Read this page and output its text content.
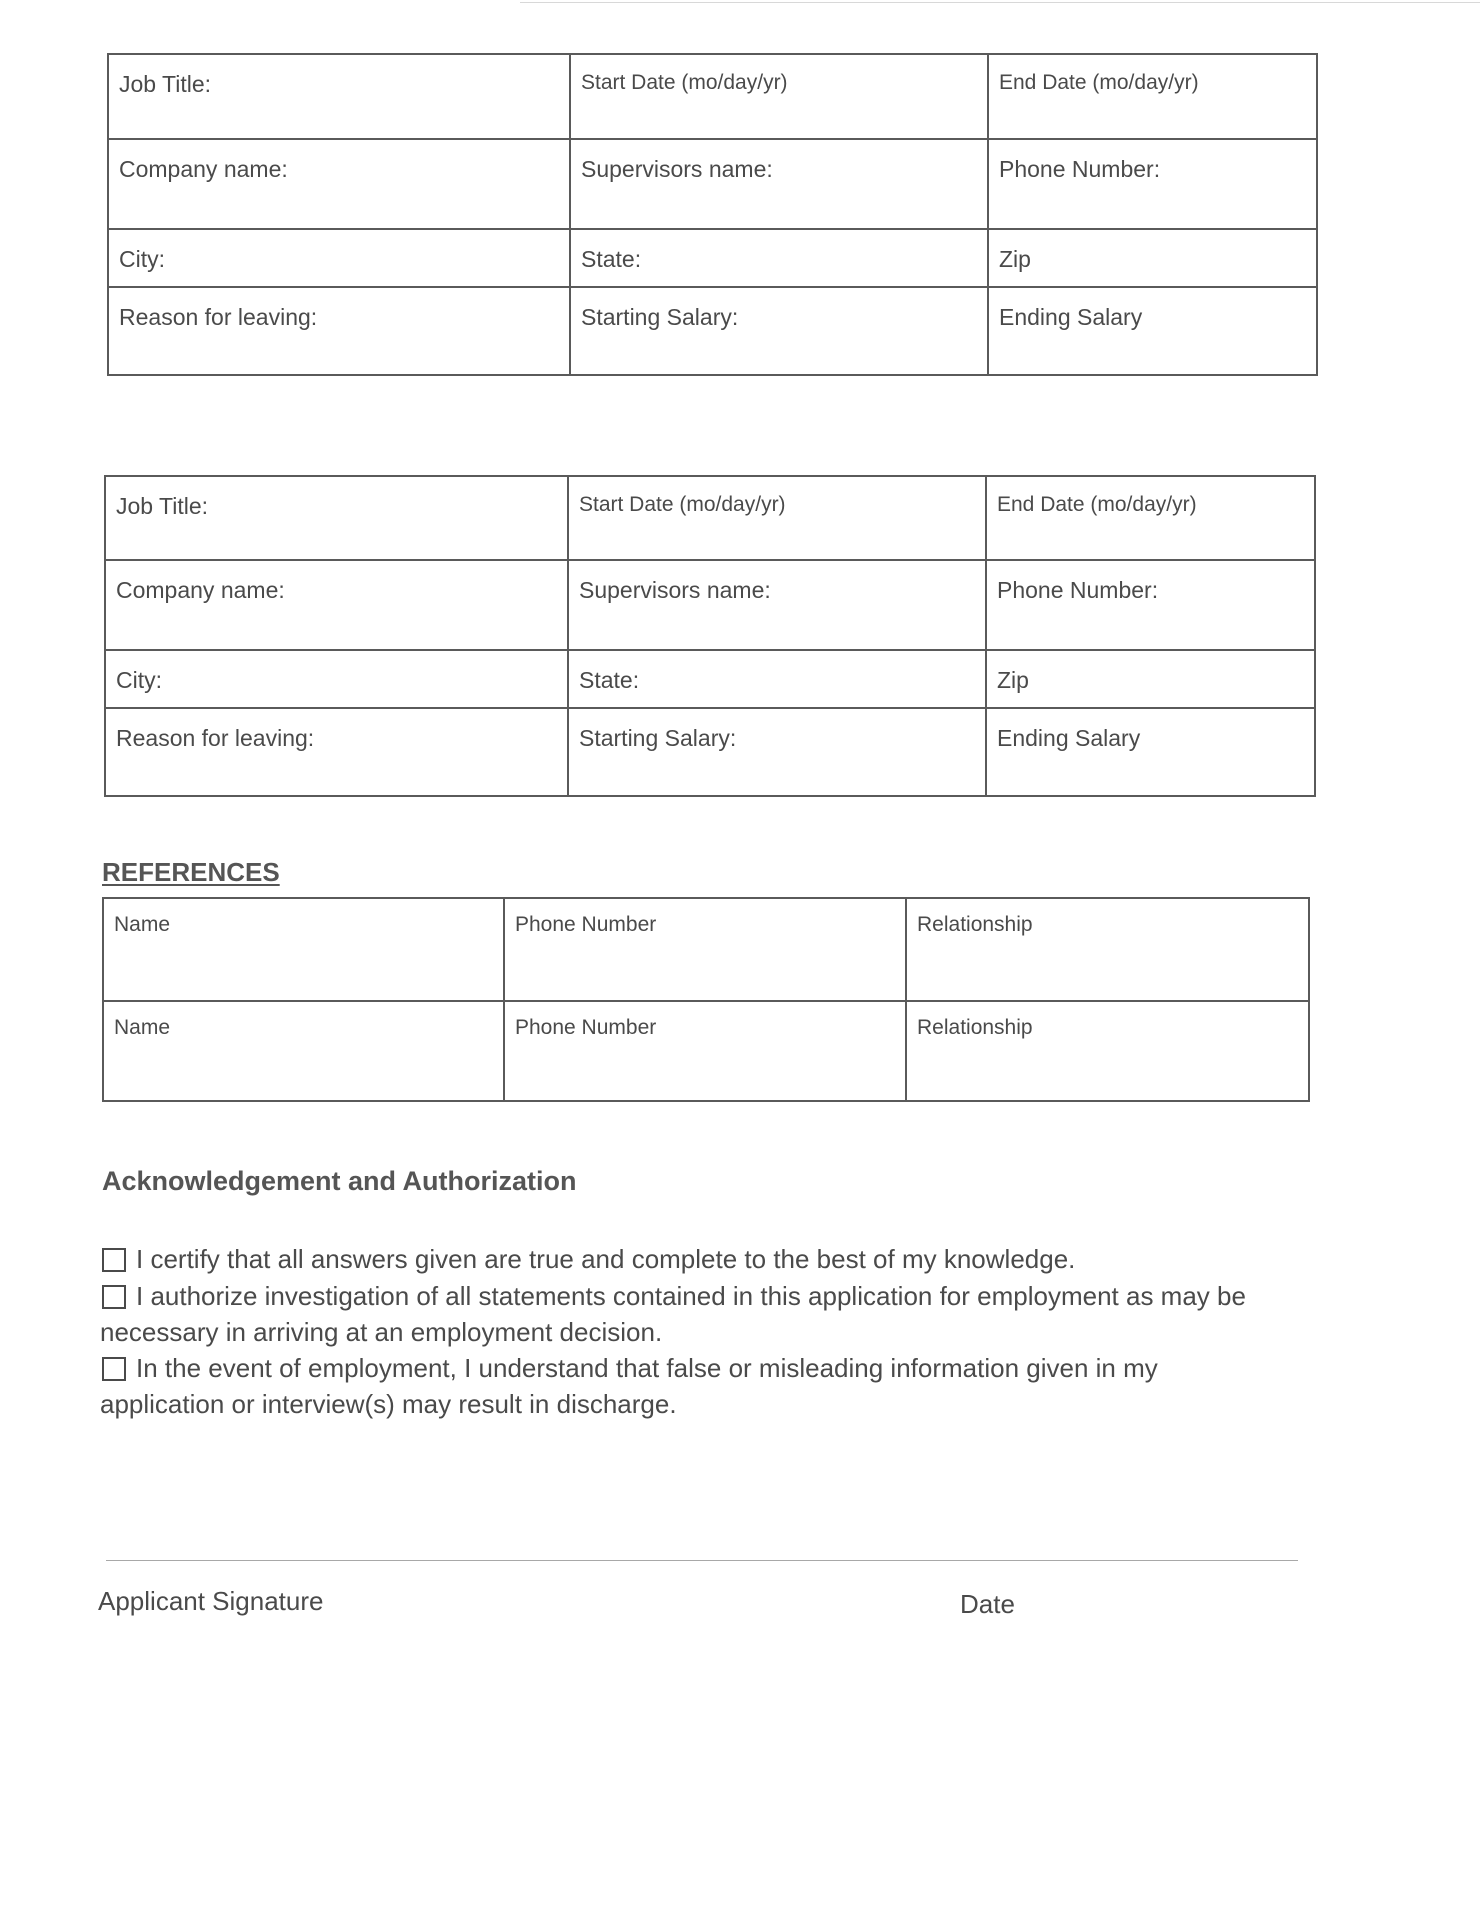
Job Title:	Start Date (mo/day/yr)	End Date (mo/day/yr)
Company name:	Supervisors name:	Phone Number:
City:	State:	Zip
Reason for leaving:	Starting Salary:	Ending Salary
Job Title:	Start Date (mo/day/yr)	End Date (mo/day/yr)
Company name:	Supervisors name:	Phone Number:
City:	State:	Zip
Reason for leaving:	Starting Salary:	Ending Salary
REFERENCES
Name	Phone Number	Relationship
Name	Phone Number	Relationship
Acknowledgement and Authorization

I certify that all answers given are true and complete to the best of my knowledge.

I authorize investigation of all statements contained in this application for employment as may be

necessary in arriving at an employment decision.

In the event of employment, I understand that false or misleading information given in my

application or interview(s) may result in discharge.

Applicant Signature	Date
